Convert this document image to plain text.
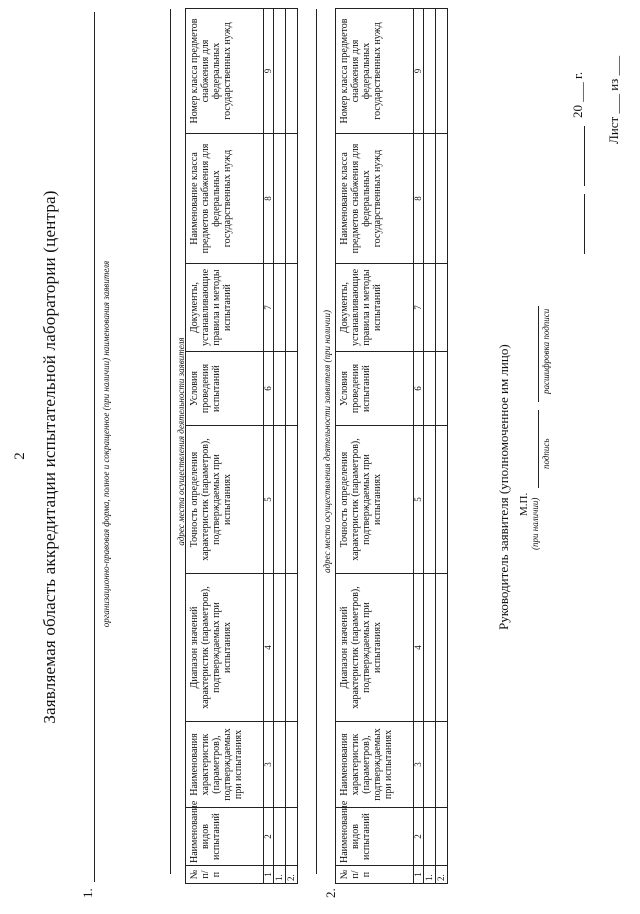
2 Заявляемая область аккредитации испытательной лаборатории (центра)
1.
организационно-правовая форма, полное и сокращенное (при наличии) наименования заявителя	адрес места осуществления деятельности заявителя
№ п/п	Наименование видов испытаний	Наименования характеристик (параметров), подтверждаемых при испытаниях	Диапазон значений характеристик (параметров), подтверждаемых при испытаниях	Точность определения характеристик (параметров), подтверждаемых при испытаниях	Условия проведения испытаний	Документы, устанавливающие правила и методы испытаний	Наименование класса предметов снабжения для федеральных государственных нужд	Номер класса предметов снабжения для федеральных государственных нужд
1	2	3	4	5	6	7	8	9
1.								
2.								
2.
адрес места осуществления деятельности заявителя (при наличии)
№ п/п	Наименование видов испытаний	Наименования характеристик (параметров), подтверждаемых при испытаниях	Диапазон значений характеристик (параметров), подтверждаемых при испытаниях	Точность определения характеристик (параметров), подтверждаемых при испытаниях	Условия проведения испытаний	Документы, устанавливающие правила и методы испытаний	Наименование класса предметов снабжения для федеральных государственных нужд	Номер класса предметов снабжения для федеральных государственных нужд
1	2	3	4	5	6	7	8	9
1.								
2.								
Руководитель заявителя (уполномоченное им лицо) М.П. (при наличии)
подпись
расшифровка подписи
20 ___ г. Лист ___ из ___
